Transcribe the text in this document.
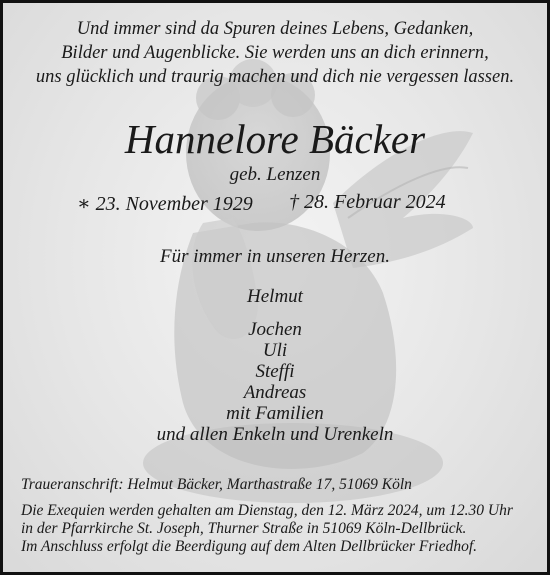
Und immer sind da Spuren deines Lebens, Gedanken,
Bilder und Augenblicke. Sie werden uns an dich erinnern,
uns glücklich und traurig machen und dich nie vergessen lassen.
Hannelore Bäcker
geb. Lenzen
∗ 23. November 1929 † 28. Februar 2024
Für immer in unseren Herzen.
Helmut
Jochen
Uli
Steffi
Andreas
mit Familien
und allen Enkeln und Urenkeln
Traueranschrift: Helmut Bäcker, Marthastraße 17, 51069 Köln
Die Exequien werden gehalten am Dienstag, den 12. März 2024, um 12.30 Uhr
in der Pfarrkirche St. Joseph, Thurner Straße in 51069 Köln-Dellbrück.
Im Anschluss erfolgt die Beerdigung auf dem Alten Dellbrücker Friedhof.
